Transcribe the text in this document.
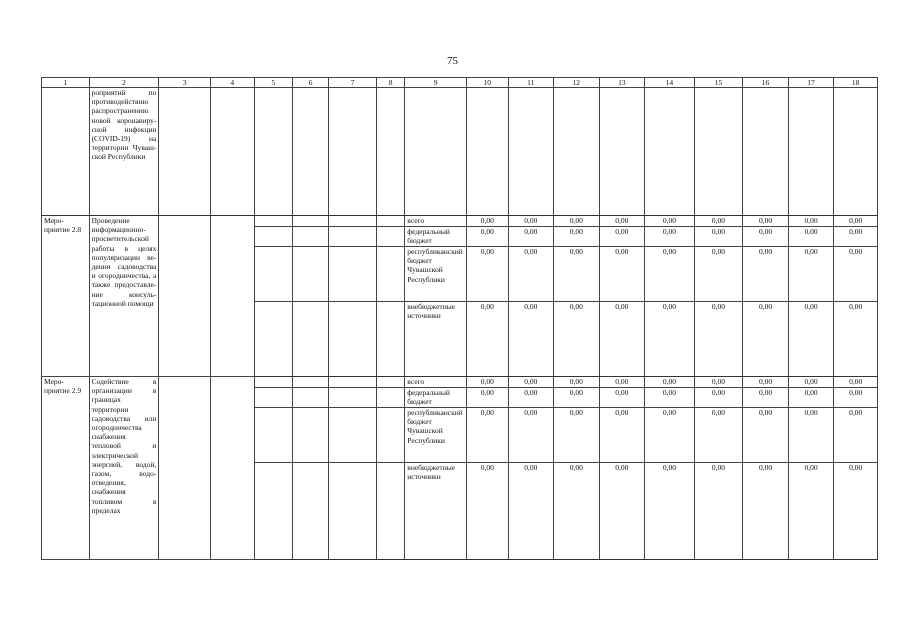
75
1	2	3	4	5	6	7	8	9	10	11	12	13	14	15	16	17	18
	роприятий по противодействию распространению новой коронавирусной инфекции (COVID-19) на территории Чувашской Республики																
Мероприятие 2.8	Проведение информационно-просветительской работы в целях популяризации ведения садоводства и огородничества, а также предоставление консультационной помощи							всего	0,00	0,00	0,00	0,00	0,00	0,00	0,00	0,00	0,00
								федеральный бюджет	0,00	0,00	0,00	0,00	0,00	0,00	0,00	0,00	0,00
								республиканский бюджет Чувашской Республики	0,00	0,00	0,00	0,00	0,00	0,00	0,00	0,00	0,00
								внебюджетные источники	0,00	0,00	0,00	0,00	0,00	0,00	0,00	0,00	0,00
Мероприятие 2.9	Содействие в организации в границах территории садоводства или огородничества снабжения тепловой и электрической энергией, водой, газом, водоотведения, снабжения топливом в пределах							всего	0,00	0,00	0,00	0,00	0,00	0,00	0,00	0,00	0,00
								федеральный бюджет	0,00	0,00	0,00	0,00	0,00	0,00	0,00	0,00	0,00
								республиканский бюджет Чувашской Республики	0,00	0,00	0,00	0,00	0,00	0,00	0,00	0,00	0,00
								внебюджетные источники	0,00	0,00	0,00	0,00	0,00	0,00	0,00	0,00	0,00
